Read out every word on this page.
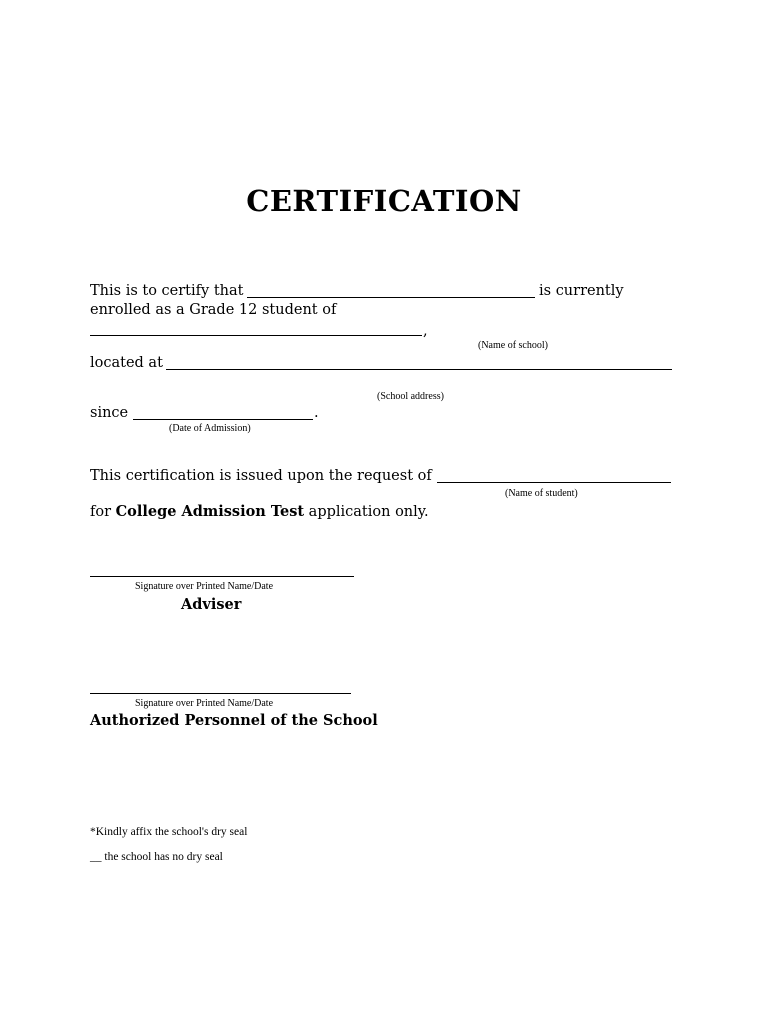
CERTIFICATION
This is to certify that	is currently
enrolled as a Grade 12 student of
,
(Name of school)
located at
(School address)
since	.
(Date of Admission)
This certification is issued upon the request of
(Name of student)
for College Admission Test application only.
Signature over Printed Name/Date
Adviser
Signature over Printed Name/Date
Authorized Personnel of the School
*Kindly affix the school's dry seal
__ the school has no dry seal
